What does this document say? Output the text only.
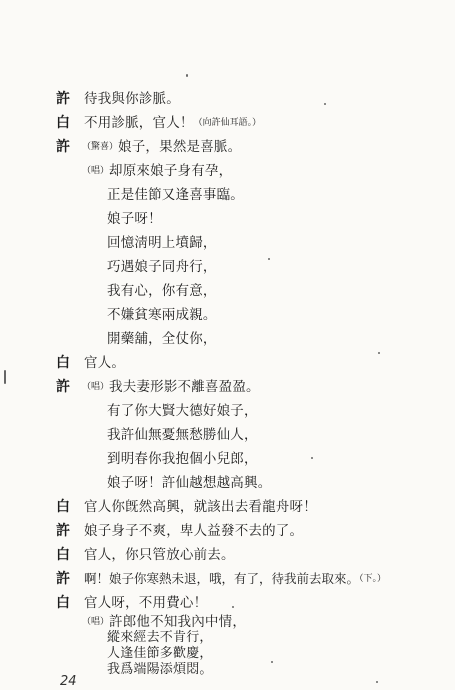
許 待我與你診脈。
白 不用診脈，官人！（向許仙耳語。）
許 （驚喜）娘子，果然是喜脈。
（唱）却原來娘子身有孕，
正是佳節又逢喜事臨。
娘子呀！
回憶淸明上墳歸，
巧遇娘子同舟行，
我有心，你有意，
不嫌貧寒兩成親。
開藥舖，全仗你，
白 官人。
許 （唱）我夫妻形影不離喜盈盈。
有了你大賢大德好娘子，
我許仙無憂無愁勝仙人，
到明春你我抱個小兒郎，
娘子呀！許仙越想越高興。
白 官人你旣然高興，就該出去看龍舟呀！
許 娘子身子不爽，卑人益發不去的了。
白 官人，你只管放心前去。
許 啊！娘子你寒熱未退，哦，有了，待我前去取來。（下。）
白 官人呀，不用費心！
（唱）許郎他不知我內中情，
縱來經去不肯行，
24
人逢佳節多歡慶，
我爲端陽添煩悶。
